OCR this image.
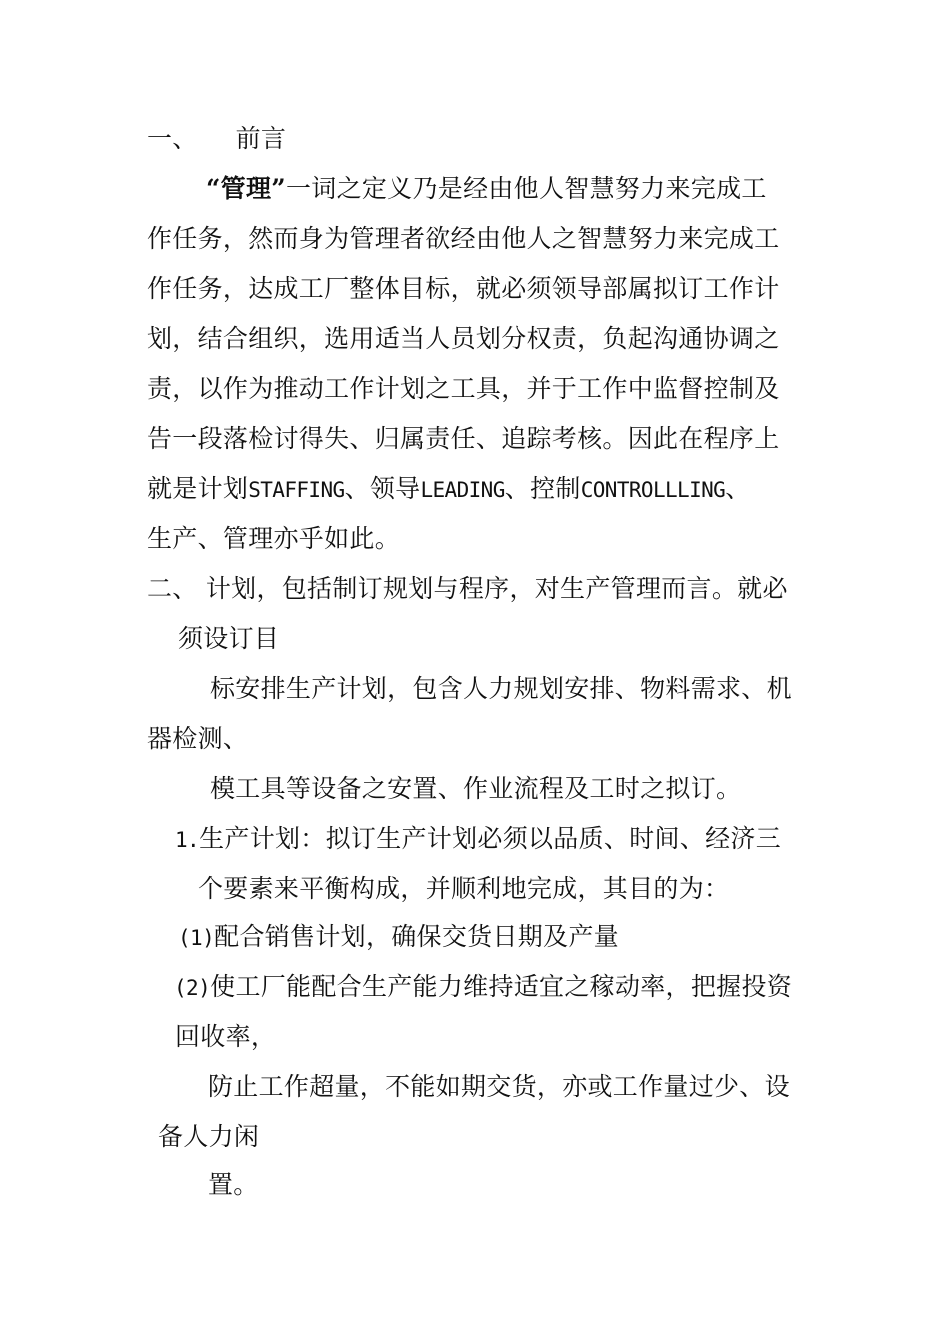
一、 前言
“管理”一词之定义乃是经由他人智慧努力来完成工
作任务，然而身为管理者欲经由他人之智慧努力来完成工
作任务，达成工厂整体目标，就必须领导部属拟订工作计
划，结合组织，选用适当人员划分权责，负起沟通协调之
责，以作为推动工作计划之工具，并于工作中监督控制及
告一段落检讨得失、归属责任、追踪考核。因此在程序上
就是计划STAFFING、领导LEADING、控制CONTROLLLING、
生产、管理亦乎如此。
二、 计划，包括制订规划与程序，对生产管理而言。就必
须设订目
标安排生产计划，包含人力规划安排、物料需求、机
器检测、
模工具等设备之安置、作业流程及工时之拟订。
1.生产计划：拟订生产计划必须以品质、时间、经济三
个要素来平衡构成，并顺利地完成，其目的为：
(1)配合销售计划，确保交货日期及产量
(2)使工厂能配合生产能力维持适宜之稼动率，把握投资
回收率，
防止工作超量，不能如期交货，亦或工作量过少、设
备人力闲
置。
